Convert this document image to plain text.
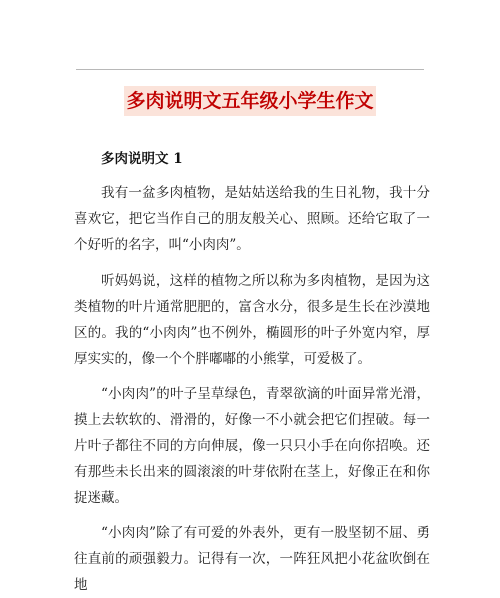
多肉说明文五年级小学生作文
多肉说明文 1

我有一盆多肉植物，是姑姑送给我的生日礼物，我十分喜欢它，把它当作自己的朋友般关心、照顾。还给它取了一个好听的名字，叫“小肉肉”。

听妈妈说，这样的植物之所以称为多肉植物，是因为这类植物的叶片通常肥肥的，富含水分，很多是生长在沙漠地区的。我的“小肉肉”也不例外，椭圆形的叶子外宽内窄，厚厚实实的，像一个个胖嘟嘟的小熊掌，可爱极了。

“小肉肉”的叶子呈草绿色，青翠欲滴的叶面异常光滑，摸上去软软的、滑滑的，好像一不小就会把它们捏破。每一片叶子都往不同的方向伸展，像一只只小手在向你招唤。还有那些未长出来的圆滚滚的叶芽依附在茎上，好像正在和你捉迷藏。

“小肉肉”除了有可爱的外表外，更有一股坚韧不屈、勇往直前的顽强毅力。记得有一次，一阵狂风把小花盆吹倒在地
